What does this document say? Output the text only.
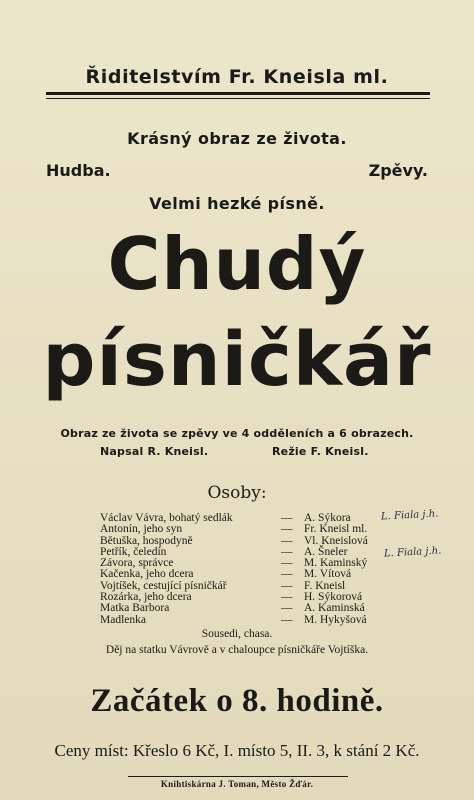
Řiditelstvím Fr. Kneisla ml.
Krásný obraz ze života.
Hudba.	Zpěvy.
Velmi hezké písně.
Chudý
písničkář
Obraz ze života se zpěvy ve 4 odděleních a 6 obrazech.
Napsal R. Kneisl.	Režie F. Kneisl.
Osoby:
Václav Vávra, bohatý sedlák	— A. Sýkora
Antonín, jeho syn	— Fr. Kneisl ml.
Bětuška, hospodyně	— Vl. Kneislová
Petřík, čeledín	— A. Šneler
Závora, správce	— M. Kaminský
Kačenka, jeho dcera	— M. Vítová
Vojtíšek, cestující písničkář	— F. Kneisl
Rozárka, jeho dcera	— H. Sýkorová
Matka Barbora	— A. Kaminská
Madlenka	— M. Hykyšová
L. Fiala j.h.
L. Fiala j.h.
Sousedi, chasa.
Děj na statku Vávrově a v chaloupce písničkáře Vojtíška.
Začátek o 8. hodině.
Ceny míst: Křeslo 6 Kč, I. místo 5, II. 3, k stání 2 Kč.
Knihtiskárna J. Toman, Město Žďár.
